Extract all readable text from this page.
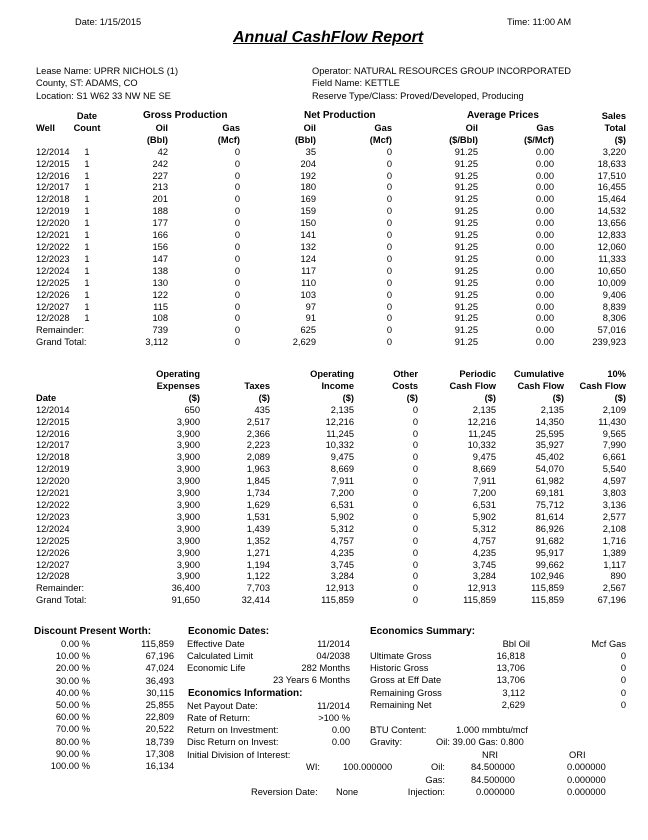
Date: 1/15/2015	Time: 11:00 AM
Annual CashFlow Report
Lease Name: UPRR NICHOLS (1)
County, ST: ADAMS, CO
Location: S1 W62 33 NW NE SE
Operator: NATURAL RESOURCES GROUP INCORPORATED
Field Name: KETTLE
Reserve Type/Class: Proved/Developed, Producing
Gross Production	Net Production	Average Prices
	Date							Sales
Well	Count	Oil	Gas	Oil	Gas	Oil	Gas	Total
		(Bbl)	(Mcf)	(Bbl)	(Mcf)	($/Bbl)	($/Mcf)	($)
12/2014	1	42	0	35	0	91.25	0.00	3,220
12/2015	1	242	0	204	0	91.25	0.00	18,633
12/2016	1	227	0	192	0	91.25	0.00	17,510
12/2017	1	213	0	180	0	91.25	0.00	16,455
12/2018	1	201	0	169	0	91.25	0.00	15,464
12/2019	1	188	0	159	0	91.25	0.00	14,532
12/2020	1	177	0	150	0	91.25	0.00	13,656
12/2021	1	166	0	141	0	91.25	0.00	12,833
12/2022	1	156	0	132	0	91.25	0.00	12,060
12/2023	1	147	0	124	0	91.25	0.00	11,333
12/2024	1	138	0	117	0	91.25	0.00	10,650
12/2025	1	130	0	110	0	91.25	0.00	10,009
12/2026	1	122	0	103	0	91.25	0.00	9,406
12/2027	1	115	0	97	0	91.25	0.00	8,839
12/2028	1	108	0	91	0	91.25	0.00	8,306
Remainder:		739	0	625	0	91.25	0.00	57,016
Grand Total:		3,112	0	2,629	0	91.25	0.00	239,923
	Operating		Operating	Other	Periodic	Cumulative	10%
	Expenses	Taxes	Income	Costs	Cash Flow	Cash Flow	Cash Flow
Date	($)	($)	($)	($)	($)	($)	($)
12/2014	650	435	2,135	0	2,135	2,135	2,109
12/2015	3,900	2,517	12,216	0	12,216	14,350	11,430
12/2016	3,900	2,366	11,245	0	11,245	25,595	9,565
12/2017	3,900	2,223	10,332	0	10,332	35,927	7,990
12/2018	3,900	2,089	9,475	0	9,475	45,402	6,661
12/2019	3,900	1,963	8,669	0	8,669	54,070	5,540
12/2020	3,900	1,845	7,911	0	7,911	61,982	4,597
12/2021	3,900	1,734	7,200	0	7,200	69,181	3,803
12/2022	3,900	1,629	6,531	0	6,531	75,712	3,136
12/2023	3,900	1,531	5,902	0	5,902	81,614	2,577
12/2024	3,900	1,439	5,312	0	5,312	86,926	2,108
12/2025	3,900	1,352	4,757	0	4,757	91,682	1,716
12/2026	3,900	1,271	4,235	0	4,235	95,917	1,389
12/2027	3,900	1,194	3,745	0	3,745	99,662	1,117
12/2028	3,900	1,122	3,284	0	3,284	102,946	890
Remainder:	36,400	7,703	12,913	0	12,913	115,859	2,567
Grand Total:	91,650	32,414	115,859	0	115,859	115,859	67,196
Discount Present Worth:
0.00 %	115,859
10.00 %	67,196
20.00 %	47,024
30.00 %	36,493
40.00 %	30,115
50.00 %	25,855
60.00 %	22,809
70.00 %	20,522
80.00 %	18,739
90.00 %	17,308
100.00 %	16,134
Economic Dates:
Effective Date	11/2014
Calculated Limit	04/2038
Economic Life	282 Months
23 Years 6 Months
Economics Information:
Net Payout Date:	11/2014
Rate of Return:	>100 %
Return on Investment:	0.00
Disc Return on Invest:	0.00
Initial Division of Interest:
Economics Summary:
Bbl Oil	Mcf Gas
Ultimate Gross	16,818	0
Historic Gross	13,706	0
Gross at Eff Date	13,706	0
Remaining Gross	3,112	0
Remaining Net	2,629	0
BTU Content:	1.000 mmbtu/mcf
Gravity:	Oil: 39.00 Gas: 0.800
NRI	ORI
WI: 100.000000	Oil:	84.500000	0.000000
Gas:	84.500000	0.000000
Reversion Date: None	Injection:	0.000000	0.000000
